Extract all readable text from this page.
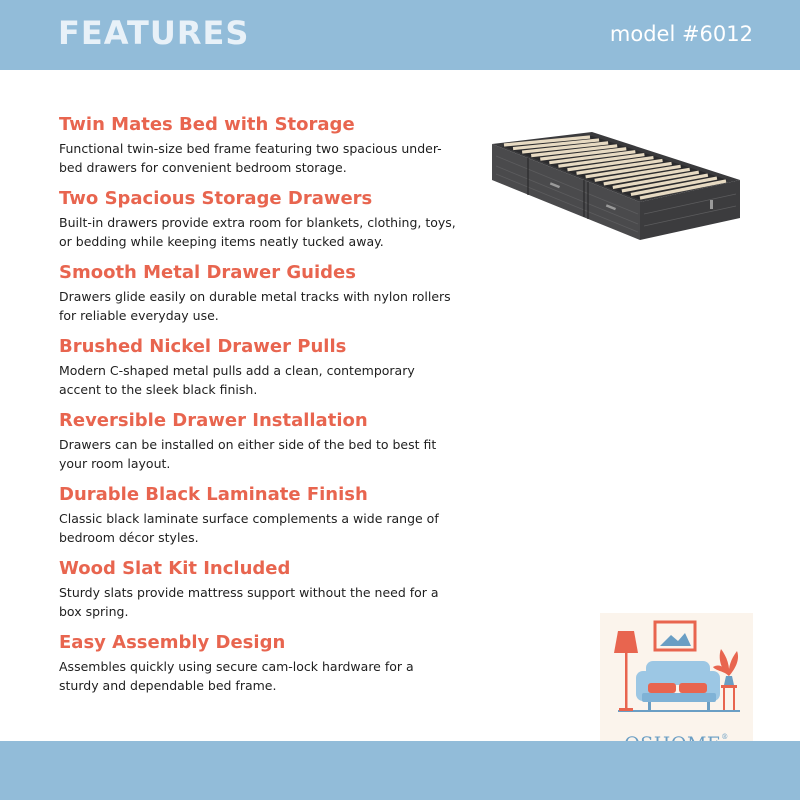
FEATURES	model #6012
Twin Mates Bed with Storage
Functional twin-size bed frame featuring two spacious under-
bed drawers for convenient bedroom storage.
Two Spacious Storage Drawers
Built-in drawers provide extra room for blankets, clothing, toys,
or bedding while keeping items neatly tucked away.
Smooth Metal Drawer Guides
Drawers glide easily on durable metal tracks with nylon rollers
for reliable everyday use.
Brushed Nickel Drawer Pulls
Modern C-shaped metal pulls add a clean, contemporary
accent to the sleek black finish.
Reversible Drawer Installation
Drawers can be installed on either side of the bed to best fit
your room layout.
Durable Black Laminate Finish
Classic black laminate surface complements a wide range of
bedroom décor styles.
Wood Slat Kit Included
Sturdy slats provide mattress support without the need for a
box spring.
Easy Assembly Design
Assembles quickly using secure cam-lock hardware for a
sturdy and dependable bed frame.
®
